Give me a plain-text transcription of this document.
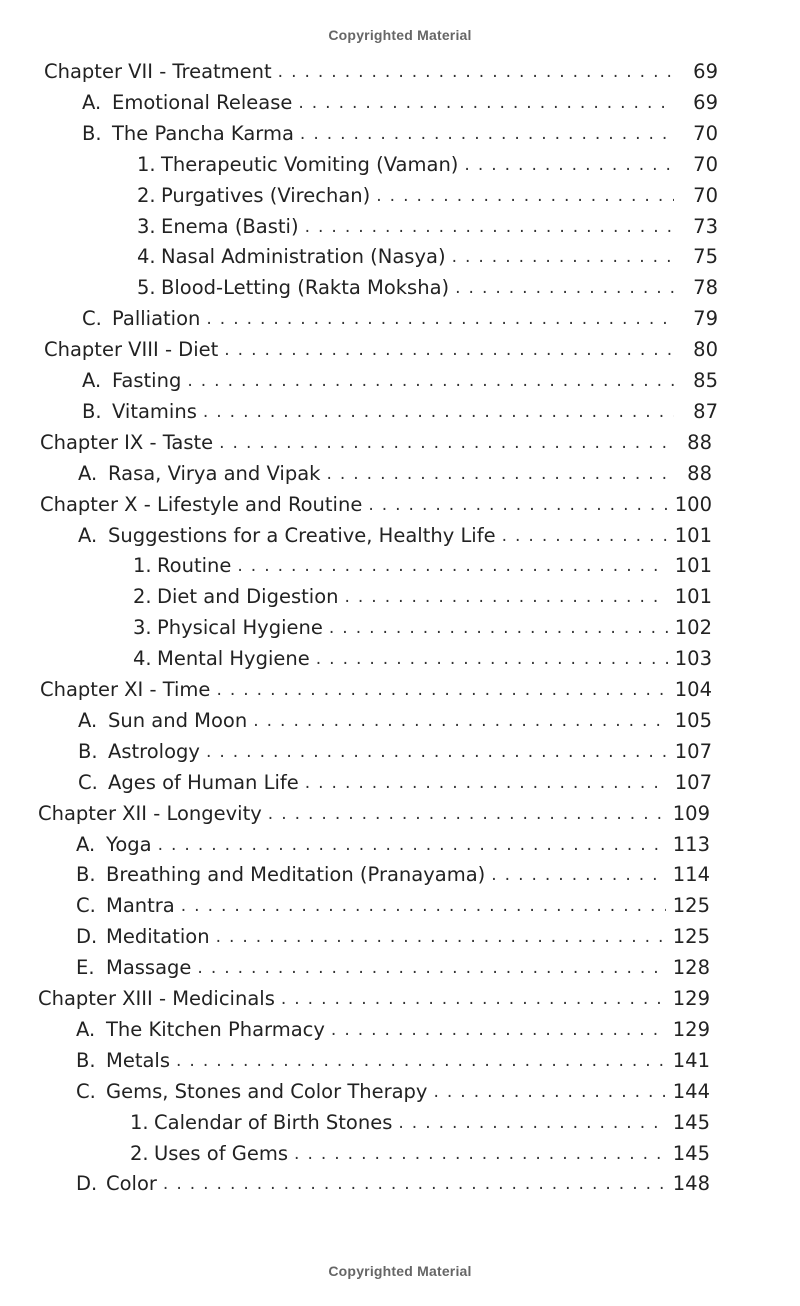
Copyrighted Material
Chapter VII - Treatment . . .	69
A. Emotional Release . . .	69
B. The Pancha Karma . . .	70
1. Therapeutic Vomiting (Vaman) . . .	70
2. Purgatives (Virechan) . . .	70
3. Enema (Basti) . . .	73
4. Nasal Administration (Nasya) . . .	75
5. Blood-Letting (Rakta Moksha) . . .	78
C. Palliation . . .	79
Chapter VIII - Diet . . .	80
A. Fasting . . .	85
B. Vitamins . . .	87
Chapter IX - Taste . . .	88
A. Rasa, Virya and Vipak . . .	88
Chapter X - Lifestyle and Routine . . .	100
A. Suggestions for a Creative, Healthy Life . . .	101
1. Routine . . .	101
2. Diet and Digestion . . .	101
3. Physical Hygiene . . .	102
4. Mental Hygiene . . .	103
Chapter XI - Time . . .	104
A. Sun and Moon . . .	105
B. Astrology . . .	107
C. Ages of Human Life . . .	107
Chapter XII - Longevity . . .	109
A. Yoga . . .	113
B. Breathing and Meditation (Pranayama) . . .	114
C. Mantra . . .	125
D. Meditation . . .	125
E. Massage . . .	128
Chapter XIII - Medicinals . . .	129
A. The Kitchen Pharmacy . . .	129
B. Metals . . .	141
C. Gems, Stones and Color Therapy . . .	144
1. Calendar of Birth Stones . . .	145
2. Uses of Gems . . .	145
D. Color . . .	148
Copyrighted Material
